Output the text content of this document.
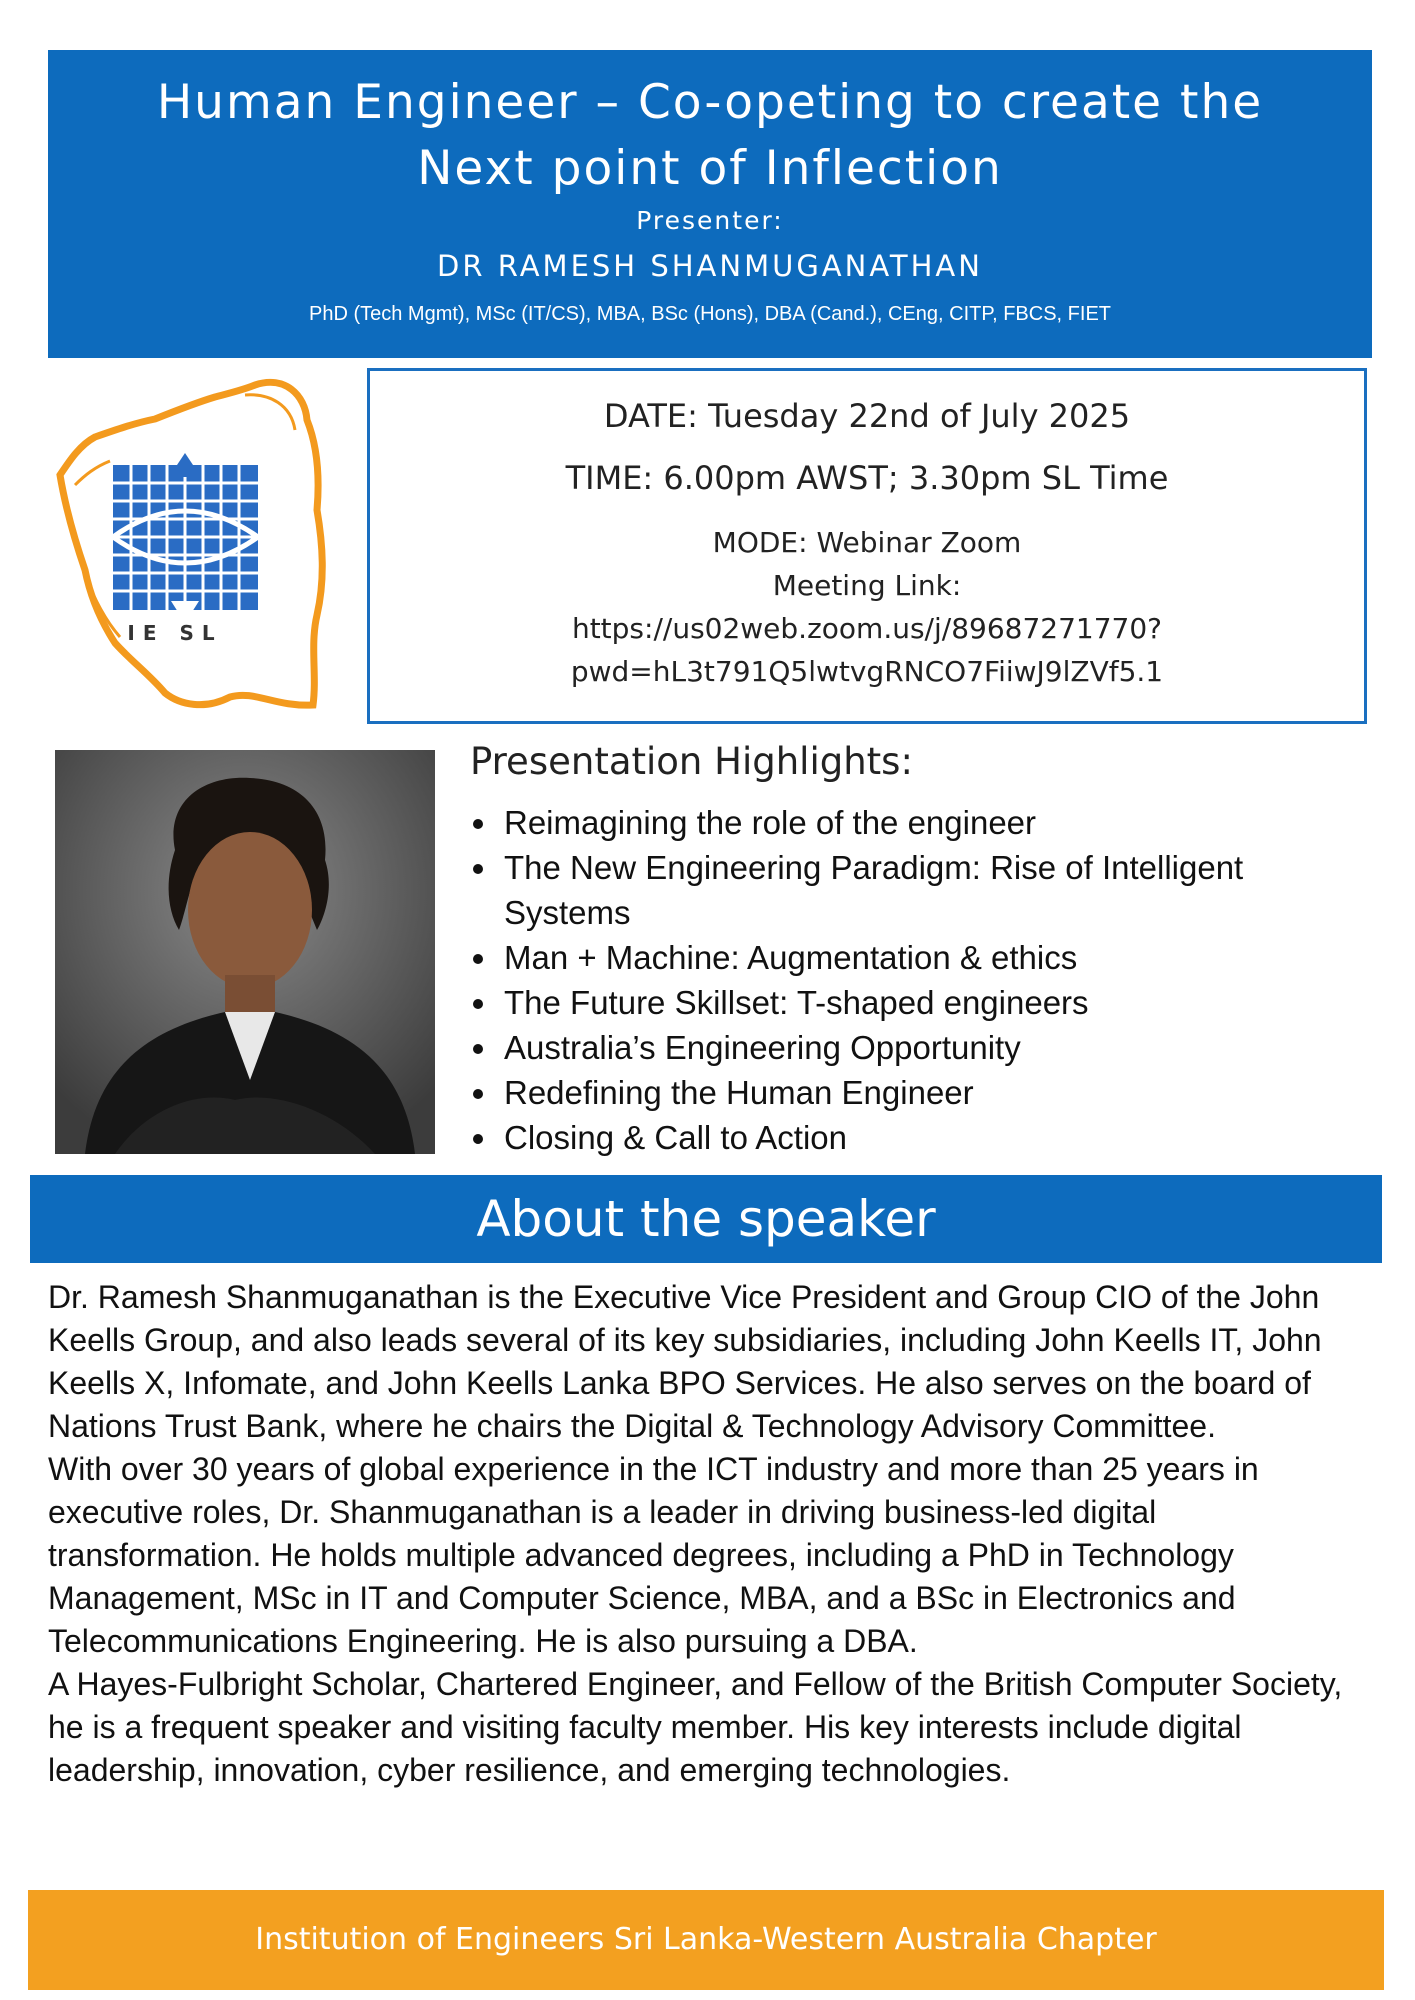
Human Engineer – Co-opeting to create the
Next point of Inflection
Presenter:
DR RAMESH SHANMUGANATHAN
PhD (Tech Mgmt), MSc (IT/CS), MBA, BSc (Hons), DBA (Cand.), CEng, CITP, FBCS, FIET
IE SL
DATE: Tuesday 22nd of July 2025
TIME: 6.00pm AWST; 3.30pm SL Time
MODE: Webinar Zoom
Meeting Link:
https://us02web.zoom.us/j/89687271770?
pwd=hL3t791Q5lwtvgRNCO7FiiwJ9lZVf5.1
Presentation Highlights:
• Reimagining the role of the engineer
• The New Engineering Paradigm: Rise of Intelligent Systems
• Man + Machine: Augmentation & ethics
• The Future Skillset: T-shaped engineers
• Australia’s Engineering Opportunity
• Redefining the Human Engineer
• Closing & Call to Action
About the speaker

Dr. Ramesh Shanmuganathan is the Executive Vice President and Group CIO of the John Keells Group, and also leads several of its key subsidiaries, including John Keells IT, John Keells X, Infomate, and John Keells Lanka BPO Services. He also serves on the board of Nations Trust Bank, where he chairs the Digital & Technology Advisory Committee.

With over 30 years of global experience in the ICT industry and more than 25 years in executive roles, Dr. Shanmuganathan is a leader in driving business-led digital transformation. He holds multiple advanced degrees, including a PhD in Technology Management, MSc in IT and Computer Science, MBA, and a BSc in Electronics and Telecommunications Engineering. He is also pursuing a DBA.

A Hayes-Fulbright Scholar, Chartered Engineer, and Fellow of the British Computer Society, he is a frequent speaker and visiting faculty member. His key interests include digital leadership, innovation, cyber resilience, and emerging technologies.

Institution of Engineers Sri Lanka-Western Australia Chapter
